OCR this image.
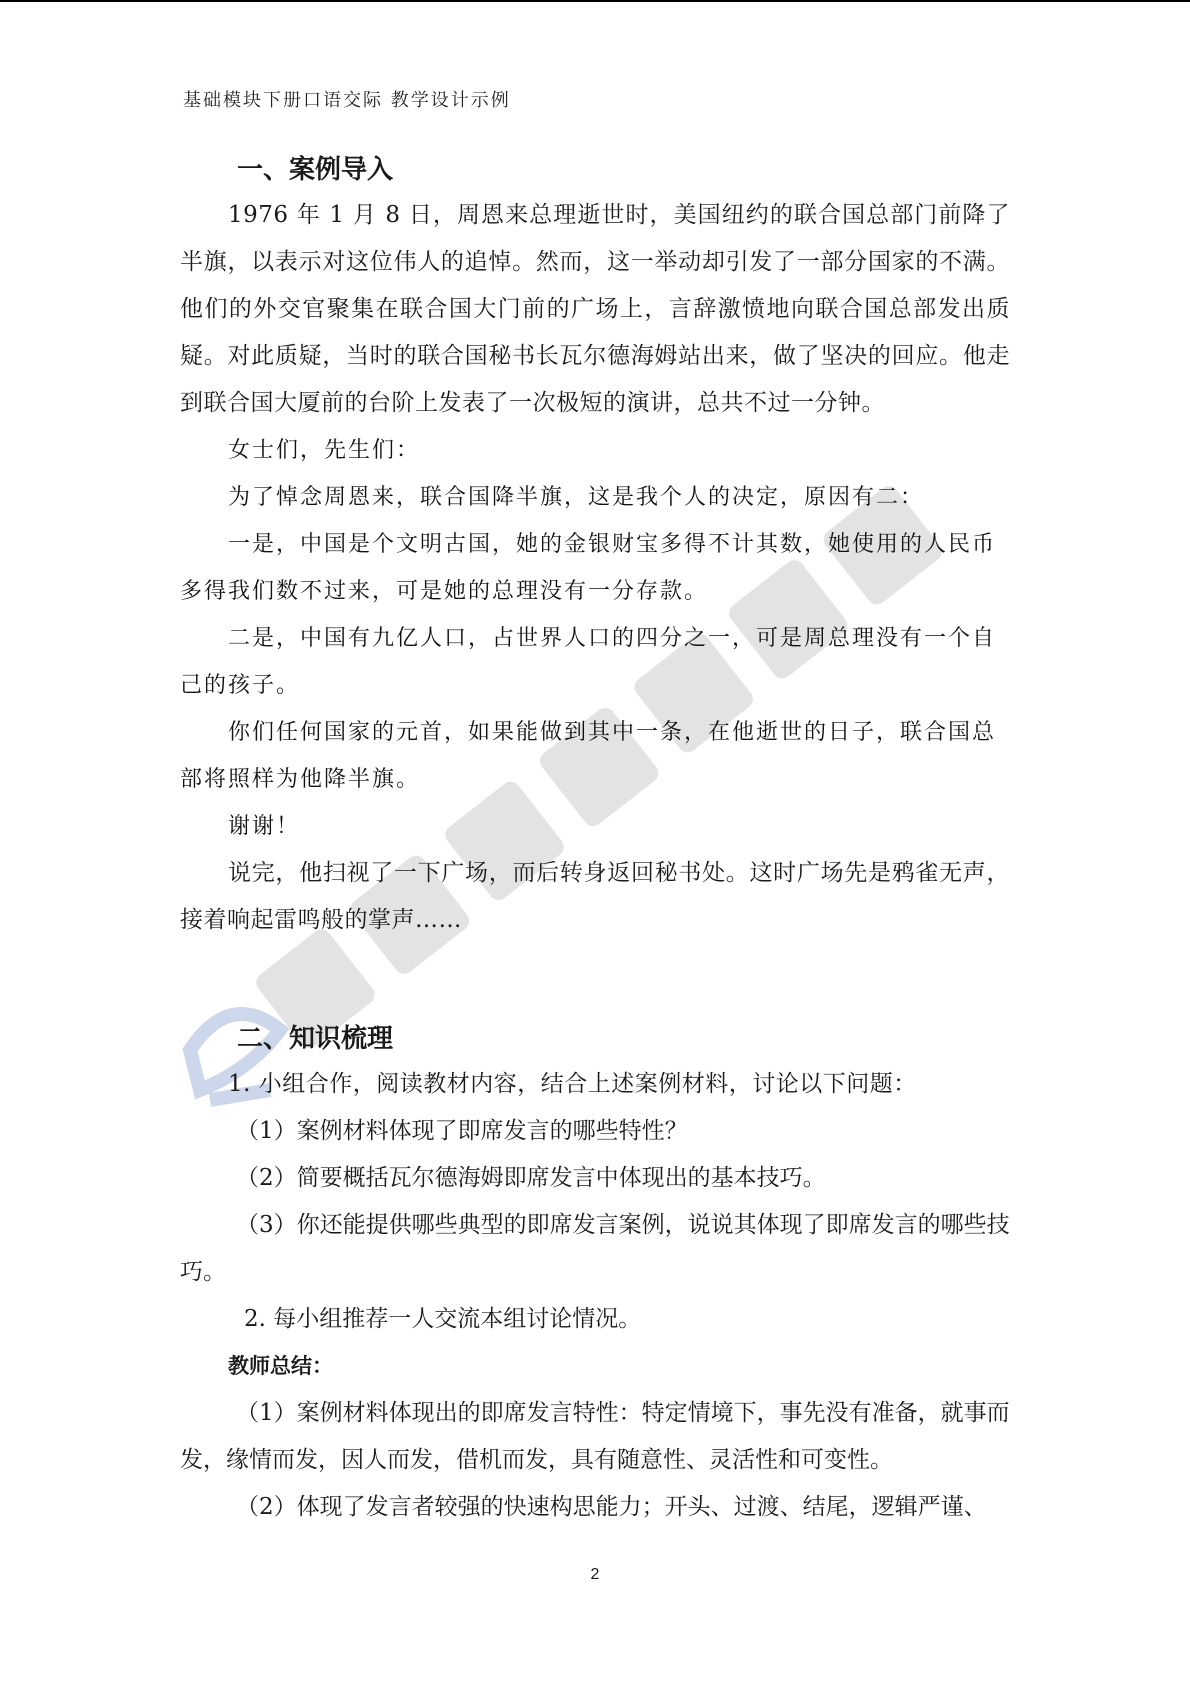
基础模块下册口语交际 教学设计示例
一、案例导入

1976 年 1 月 8 日，周恩来总理逝世时，美国纽约的联合国总部门前降了半旗，以表示对这位伟人的追悼。然而，这一举动却引发了一部分国家的不满。他们的外交官聚集在联合国大门前的广场上，言辞激愤地向联合国总部发出质疑。对此质疑，当时的联合国秘书长瓦尔德海姆站出来，做了坚决的回应。他走到联合国大厦前的台阶上发表了一次极短的演讲，总共不过一分钟。

女士们，先生们：

为了悼念周恩来，联合国降半旗，这是我个人的决定，原因有二：

一是，中国是个文明古国，她的金银财宝多得不计其数，她使用的人民币多得我们数不过来，可是她的总理没有一分存款。

二是，中国有九亿人口，占世界人口的四分之一，可是周总理没有一个自己的孩子。

你们任何国家的元首，如果能做到其中一条，在他逝世的日子，联合国总部将照样为他降半旗。

谢谢！

说完，他扫视了一下广场，而后转身返回秘书处。这时广场先是鸦雀无声，接着响起雷鸣般的掌声……

二、知识梳理

1. 小组合作，阅读教材内容，结合上述案例材料，讨论以下问题：

（1）案例材料体现了即席发言的哪些特性？

（2）简要概括瓦尔德海姆即席发言中体现出的基本技巧。

（3）你还能提供哪些典型的即席发言案例，说说其体现了即席发言的哪些技巧。

2. 每小组推荐一人交流本组讨论情况。

教师总结：

（1）案例材料体现出的即席发言特性：特定情境下，事先没有准备，就事而发，缘情而发，因人而发，借机而发，具有随意性、灵活性和可变性。

（2）体现了发言者较强的快速构思能力；开头、过渡、结尾，逻辑严谨、

2
